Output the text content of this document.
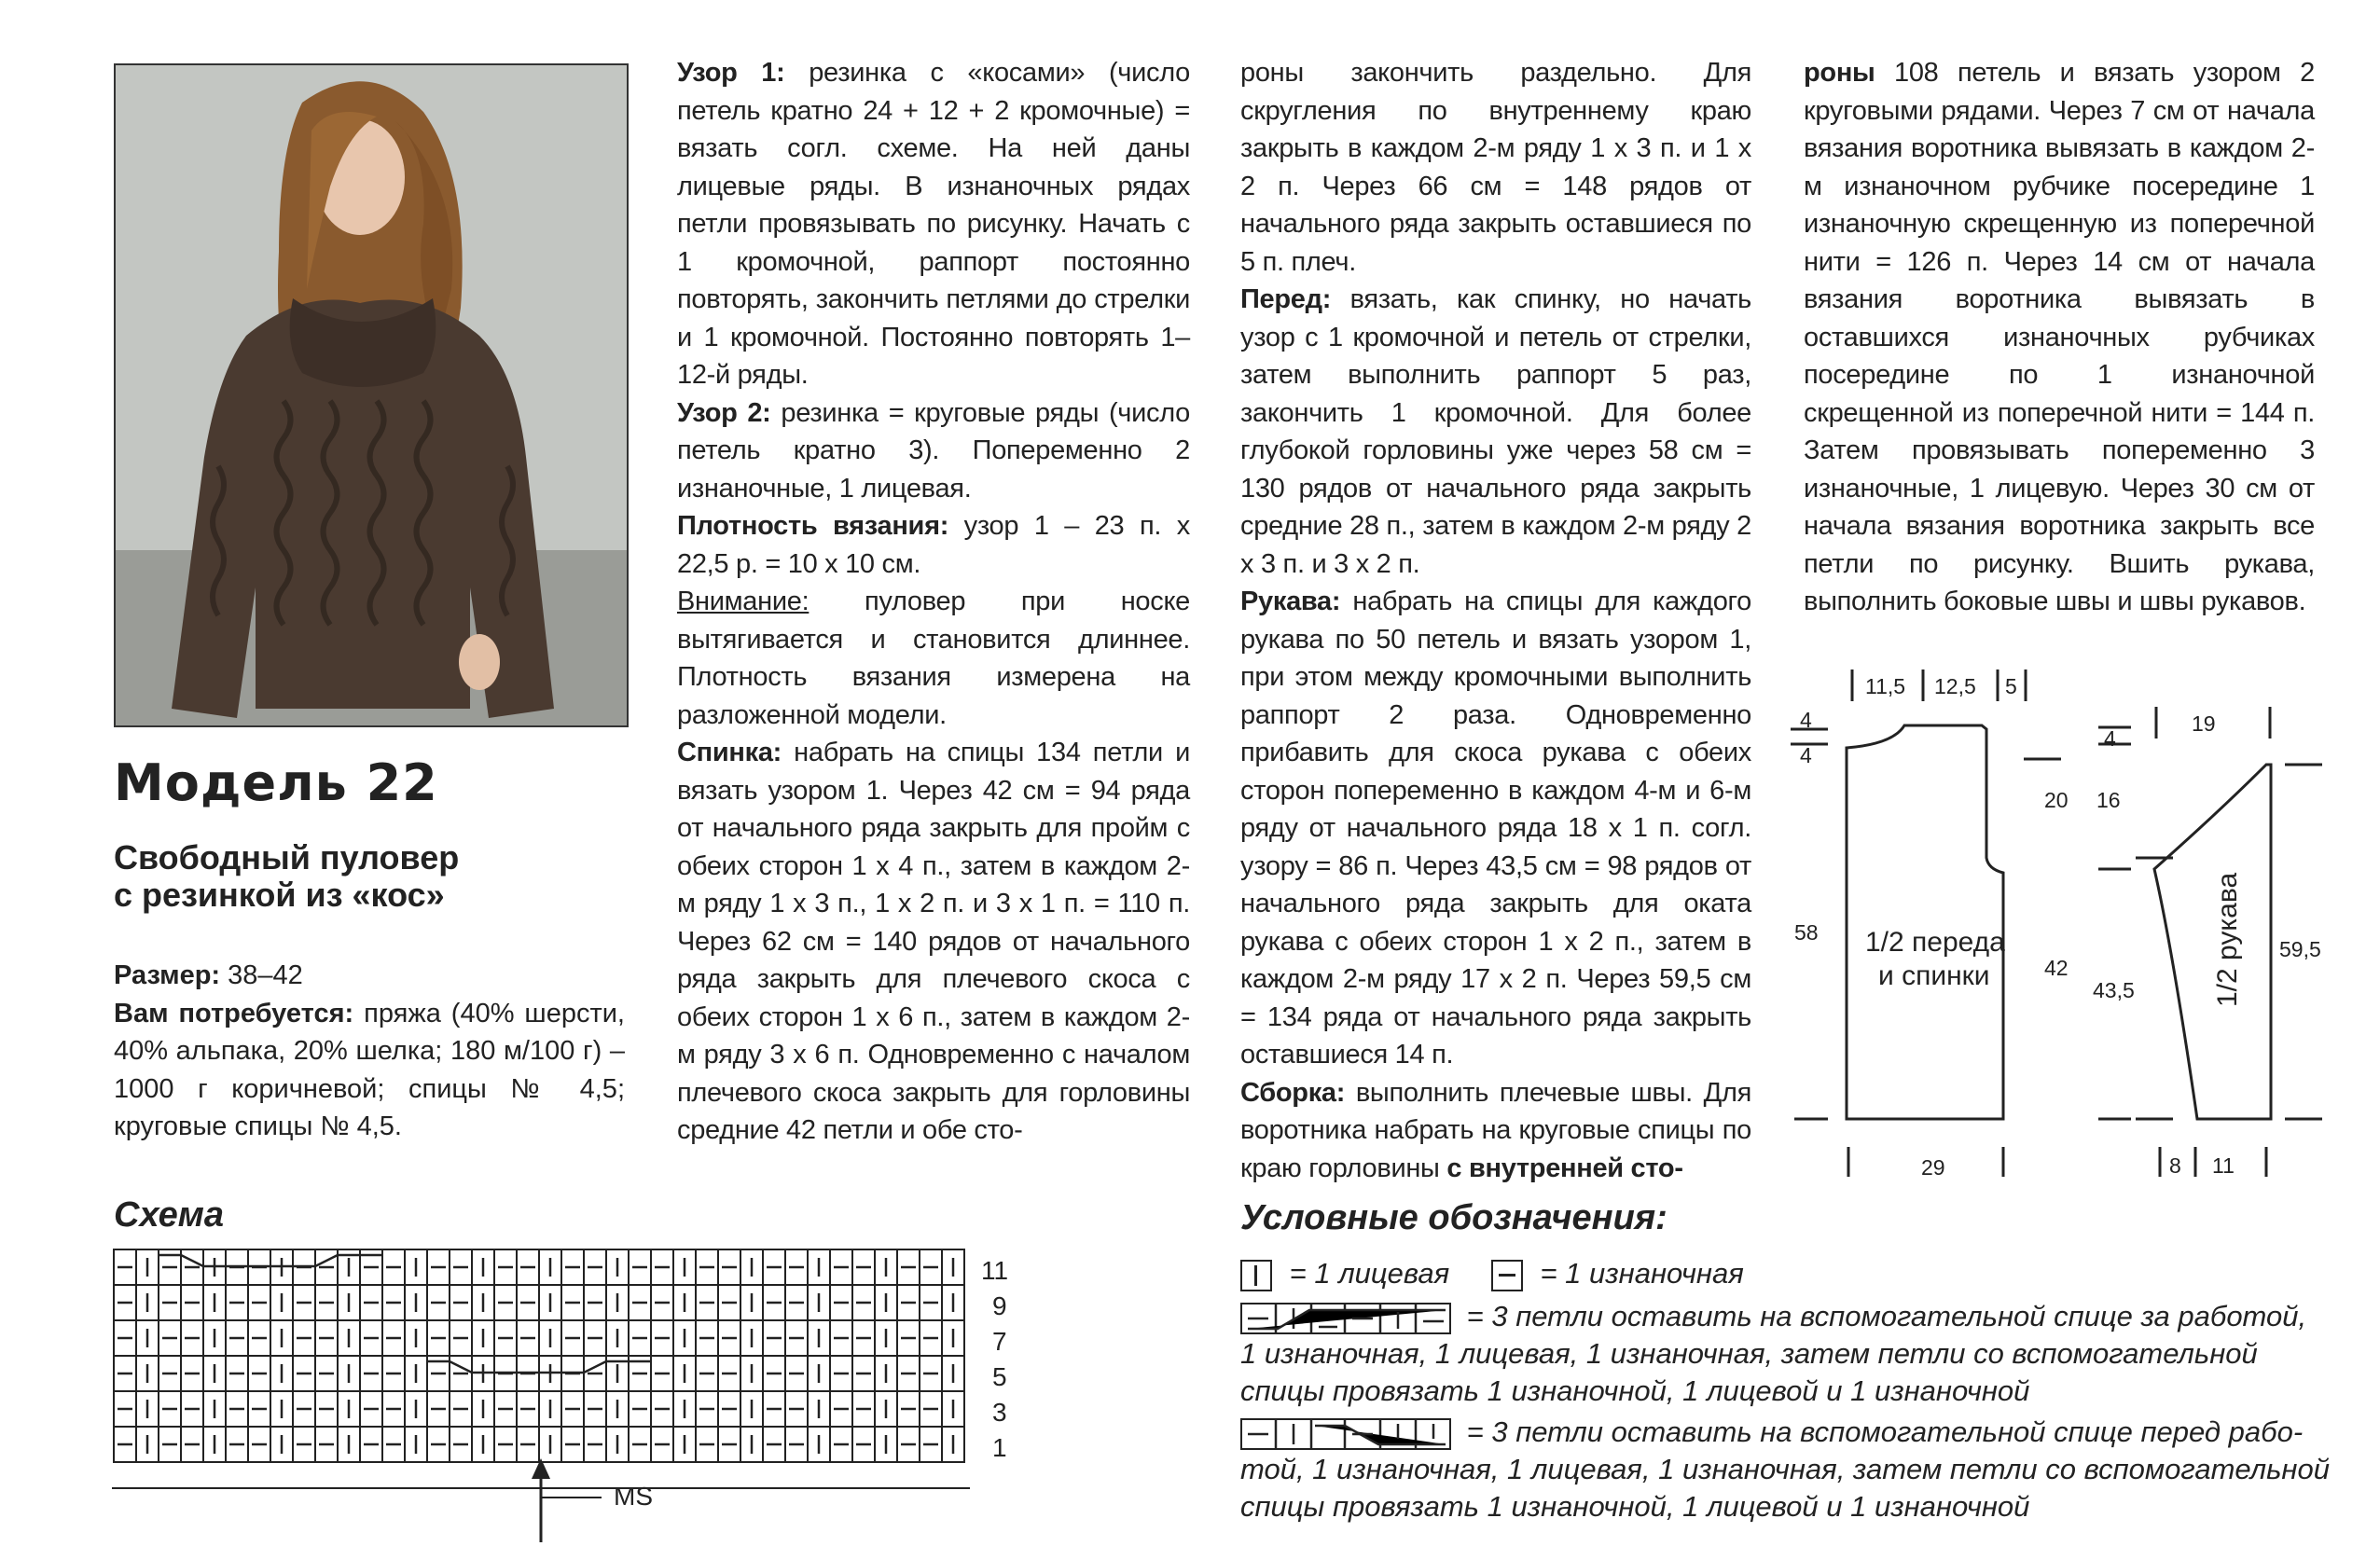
Модель 22
Свободный пуловер
с резинкой из «кос»
Размер: 38–42
Вам потребуется: пряжа (40% шерсти, 40% альпака, 20% шелка; 180 м/100 г) – 1000 г коричневой; спицы № 4,5; круговые спицы № 4,5.

Узор 1: резинка с «косами» (число петель кратно 24 + 12 + 2 кромочные) = вязать согл. схеме. На ней даны лицевые ряды. В изнаночных рядах петли провязывать по рисунку. Начать с 1 кромочной, раппорт постоянно повторять, закончить петлями до стрелки и 1 кромочной. Постоянно повторять 1–12-й ряды.

Узор 2: резинка = круговые ряды (число петель кратно 3). Попеременно 2 изнаночные, 1 лицевая.

Плотность вязания: узор 1 – 23 п. х 22,5 р. = 10 х 10 см.

Внимание: пуловер при носке вытягивается и становится длиннее. Плотность вязания измерена на разложенной модели.

Спинка: набрать на спицы 134 петли и вязать узором 1. Через 42 см = 94 ряда от начального ряда закрыть для пройм с обеих сторон 1 х 4 п., затем в каждом 2-м ряду 1 х 3 п., 1 х 2 п. и 3 х 1 п. = 110 п. Через 62 см = 140 рядов от начального ряда закрыть для плечевого скоса с обеих сторон 1 х 6 п., затем в каждом 2-м ряду 3 х 6 п. Одновременно с началом плечевого скоса закрыть для горловины средние 42 петли и обе сто-

роны закончить раздельно. Для скругления по внутреннему краю закрыть в каждом 2-м ряду 1 х 3 п. и 1 х 2 п. Через 66 см = 148 рядов от начального ряда закрыть оставшиеся по 5 п. плеч.

Перед: вязать, как спинку, но начать узор с 1 кромочной и петель от стрелки, затем выполнить раппорт 5 раз, закончить 1 кромочной. Для более глубокой горловины уже через 58 см = 130 рядов от начального ряда закрыть средние 28 п., затем в каждом 2-м ряду 2 х 3 п. и 3 х 2 п.

Рукава: набрать на спицы для каждого рукава по 50 петель и вязать узором 1, при этом между кромочными выполнить раппорт 2 раза. Одновременно прибавить для скоса рукава с обеих сторон попеременно в каждом 4-м и 6-м ряду от начального ряда 18 х 1 п. согл. узору = 86 п. Через 43,5 см = 98 рядов от начального ряда закрыть для оката рукава с обеих сторон 1 х 2 п., затем в каждом 2-м ряду 17 х 2 п. Через 59,5 см = 134 ряда от начального ряда закрыть оставшиеся 14 п.

Сборка: выполнить плечевые швы. Для воротника набрать на круговые спицы по краю горловины с внутренней сто-

роны 108 петель и вязать узором 2 круговыми рядами. Через 7 см от начала вязания воротника вывязать в каждом 2-м изнаночном рубчике посередине 1 изнаночную скрещенную из поперечной нити = 126 п. Через 14 см от начала вязания воротника вывязать в оставшихся изнаночных рубчиках посередине по 1 изнаночной скрещенной из поперечной нити = 144 п. Затем провязывать попеременно 3 изнаночные, 1 лицевую. Через 30 см от начала вязания воротника закрыть все петли по рисунку. Вшить рукава, выполнить боковые швы и швы рукавов.

11,5 12,5 5
4
4
58
29
20 16
42
43,5
4
19
59,5
8 11
1/2 переда
и спинки	1/2 рукава
Схема
11
9
7
5
3
1
MS
Условные обозначения:
= 1 лицевая	= 1 изнаночная
= 3 петли оставить на вспомогательной спице за работой,
1 изнаночная, 1 лицевая, 1 изнаночная, затем петли со вспомогательной
спицы провязать 1 изнаночной, 1 лицевой и 1 изнаночной
= 3 петли оставить на вспомогательной спице перед рабо-
той, 1 изнаночная, 1 лицевая, 1 изнаночная, затем петли со вспомогательной
спицы провязать 1 изнаночной, 1 лицевой и 1 изнаночной
